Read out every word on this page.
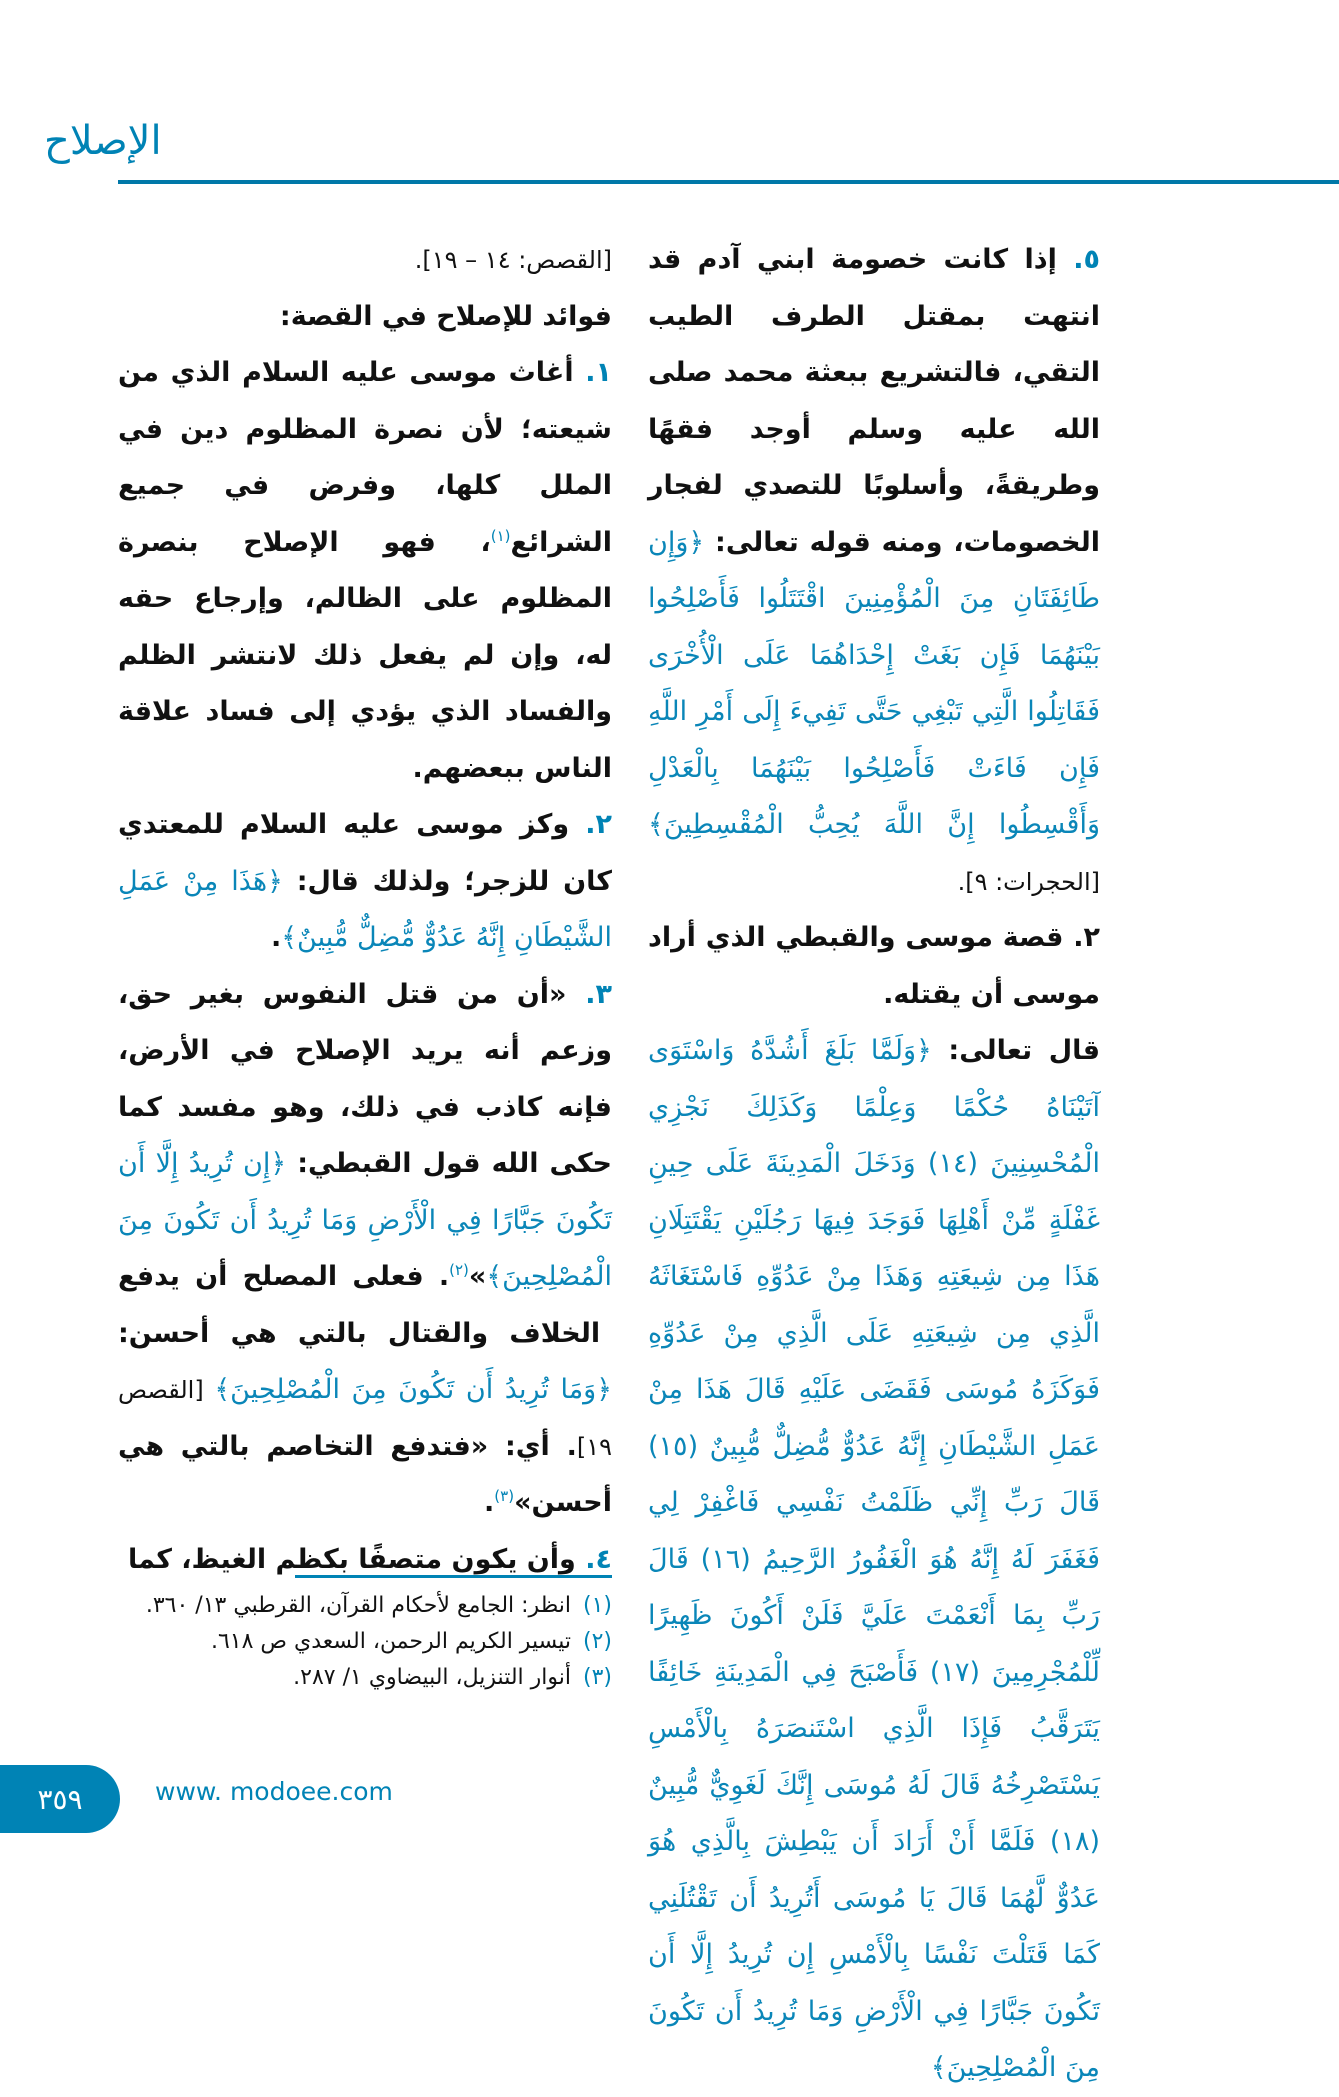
الإصلاح

٥. إذا كانت خصومة ابني آدم قد انتهت بمقتل الطرف الطيب التقي، فالتشريع ببعثة محمد صلى الله عليه وسلم أوجد فقهًا وطريقةً، وأسلوبًا للتصدي لفجار الخصومات، ومنه قوله تعالى: ﴿وَإِن طَائِفَتَانِ مِنَ الْمُؤْمِنِينَ اقْتَتَلُوا فَأَصْلِحُوا بَيْنَهُمَا فَإِن بَغَتْ إِحْدَاهُمَا عَلَى الْأُخْرَى فَقَاتِلُوا الَّتِي تَبْغِي حَتَّى تَفِيءَ إِلَى أَمْرِ اللَّهِ فَإِن فَاءَتْ فَأَصْلِحُوا بَيْنَهُمَا بِالْعَدْلِ وَأَقْسِطُوا إِنَّ اللَّهَ يُحِبُّ الْمُقْسِطِينَ﴾ [الحجرات: ٩].

٢. قصة موسى والقبطي الذي أراد موسى أن يقتله.

قال تعالى: ﴿وَلَمَّا بَلَغَ أَشُدَّهُ وَاسْتَوَى آتَيْنَاهُ حُكْمًا وَعِلْمًا وَكَذَلِكَ نَجْزِي الْمُحْسِنِينَ (١٤) وَدَخَلَ الْمَدِينَةَ عَلَى حِينِ غَفْلَةٍ مِّنْ أَهْلِهَا فَوَجَدَ فِيهَا رَجُلَيْنِ يَقْتَتِلَانِ هَذَا مِن شِيعَتِهِ وَهَذَا مِنْ عَدُوِّهِ فَاسْتَغَاثَهُ الَّذِي مِن شِيعَتِهِ عَلَى الَّذِي مِنْ عَدُوِّهِ فَوَكَزَهُ مُوسَى فَقَضَى عَلَيْهِ قَالَ هَذَا مِنْ عَمَلِ الشَّيْطَانِ إِنَّهُ عَدُوٌّ مُّضِلٌّ مُّبِينٌ (١٥) قَالَ رَبِّ إِنِّي ظَلَمْتُ نَفْسِي فَاغْفِرْ لِي فَغَفَرَ لَهُ إِنَّهُ هُوَ الْغَفُورُ الرَّحِيمُ (١٦) قَالَ رَبِّ بِمَا أَنْعَمْتَ عَلَيَّ فَلَنْ أَكُونَ ظَهِيرًا لِّلْمُجْرِمِينَ (١٧) فَأَصْبَحَ فِي الْمَدِينَةِ خَائِفًا يَتَرَقَّبُ فَإِذَا الَّذِي اسْتَنصَرَهُ بِالْأَمْسِ يَسْتَصْرِخُهُ قَالَ لَهُ مُوسَى إِنَّكَ لَغَوِيٌّ مُّبِينٌ (١٨) فَلَمَّا أَنْ أَرَادَ أَن يَبْطِشَ بِالَّذِي هُوَ عَدُوٌّ لَّهُمَا قَالَ يَا مُوسَى أَتُرِيدُ أَن تَقْتُلَنِي كَمَا قَتَلْتَ نَفْسًا بِالْأَمْسِ إِن تُرِيدُ إِلَّا أَن تَكُونَ جَبَّارًا فِي الْأَرْضِ وَمَا تُرِيدُ أَن تَكُونَ مِنَ الْمُصْلِحِينَ﴾

[القصص: ١٤ – ١٩].

فوائد للإصلاح في القصة:

١. أغاث موسى عليه السلام الذي من شيعته؛ لأن نصرة المظلوم دين في الملل كلها، وفرض في جميع الشرائع$^{(١)}$، فهو الإصلاح بنصرة المظلوم على الظالم، وإرجاع حقه له، وإن لم يفعل ذلك لانتشر الظلم والفساد الذي يؤدي إلى فساد علاقة الناس ببعضهم.

٢. وكز موسى عليه السلام للمعتدي كان للزجر؛ ولذلك قال: ﴿هَذَا مِنْ عَمَلِ الشَّيْطَانِ إِنَّهُ عَدُوٌّ مُّضِلٌّ مُّبِينٌ﴾.

٣. «أن من قتل النفوس بغير حق، وزعم أنه يريد الإصلاح في الأرض، فإنه كاذب في ذلك، وهو مفسد كما حكى الله قول القبطي: ﴿إِن تُرِيدُ إِلَّا أَن تَكُونَ جَبَّارًا فِي الْأَرْضِ وَمَا تُرِيدُ أَن تَكُونَ مِنَ الْمُصْلِحِينَ﴾»$^{(٢)}$. فعلى المصلح أن يدفع الخلاف والقتال بالتي هي أحسن: ﴿وَمَا تُرِيدُ أَن تَكُونَ مِنَ الْمُصْلِحِينَ﴾ [القصص ١٩]. أي: «فتدفع التخاصم بالتي هي أحسن»$^{(٣)}$.

٤. وأن يكون متصفًا بكظم الغيظ، كما

(١)انظر: الجامع لأحكام القرآن، القرطبي ١٣/ ٣٦٠.
(٢)تيسير الكريم الرحمن، السعدي ص ٦١٨.
(٣)أنوار التنزيل، البيضاوي ١/ ٢٨٧.
٣٥٩	www. modoee.com
